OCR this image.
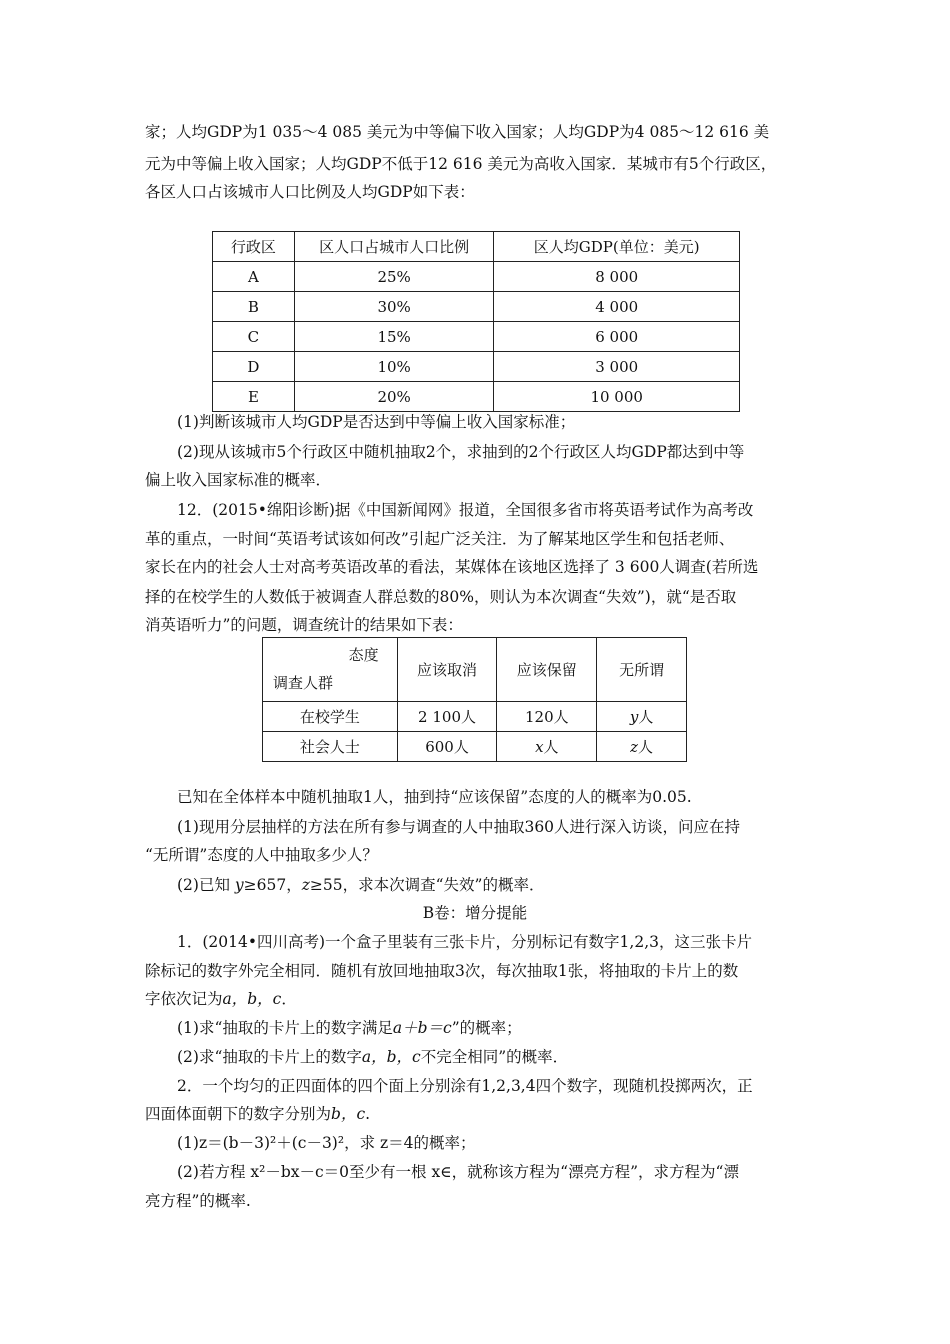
家；人均GDP为1 035～4 085 美元为中等偏下收入国家；人均GDP为4 085～12 616 美
元为中等偏上收入国家；人均GDP不低于12 616 美元为高收入国家．某城市有5个行政区，
各区人口占该城市人口比例及人均GDP如下表：
行政区	区人口占城市人口比例	区人均GDP(单位：美元)
A	25%	8 000
B	30%	4 000
C	15%	6 000
D	10%	3 000
E	20%	10 000
(1)判断该城市人均GDP是否达到中等偏上收入国家标准；
(2)现从该城市5个行政区中随机抽取2个，求抽到的2个行政区人均GDP都达到中等
偏上收入国家标准的概率．
12．(2015•绵阳诊断)据《中国新闻网》报道，全国很多省市将英语考试作为高考改
革的重点，一时间“英语考试该如何改”引起广泛关注．为了解某地区学生和包括老师、
家长在内的社会人士对高考英语改革的看法，某媒体在该地区选择了 3 600人调查(若所选
择的在校学生的人数低于被调查人群总数的80%，则认为本次调查“失效”)，就“是否取
消英语听力”的问题，调查统计的结果如下表：
态度
调查人群	应该取消	应该保留	无所谓
在校学生	2 100人	120人	y人
社会人士	600人	x人	z人
已知在全体样本中随机抽取1人，抽到持“应该保留”态度的人的概率为0.05.
(1)现用分层抽样的方法在所有参与调查的人中抽取360人进行深入访谈，问应在持
“无所谓”态度的人中抽取多少人？
(2)已知 y≥657，z≥55，求本次调查“失效”的概率．
B卷：增分提能
1．(2014•四川高考)一个盒子里装有三张卡片，分别标记有数字1,2,3，这三张卡片
除标记的数字外完全相同．随机有放回地抽取3次，每次抽取1张，将抽取的卡片上的数
字依次记为a，b，c．
(1)求“抽取的卡片上的数字满足a＋b＝c”的概率；
(2)求“抽取的卡片上的数字a，b，c不完全相同”的概率．
2．一个均匀的正四面体的四个面上分别涂有1,2,3,4四个数字，现随机投掷两次，正
四面体面朝下的数字分别为b，c.
(1)z＝(b－3)²＋(c－3)²，求 z＝4的概率；
(2)若方程 x²－bx－c＝0至少有一根 x∈，就称该方程为“漂亮方程”，求方程为“漂
亮方程”的概率.
